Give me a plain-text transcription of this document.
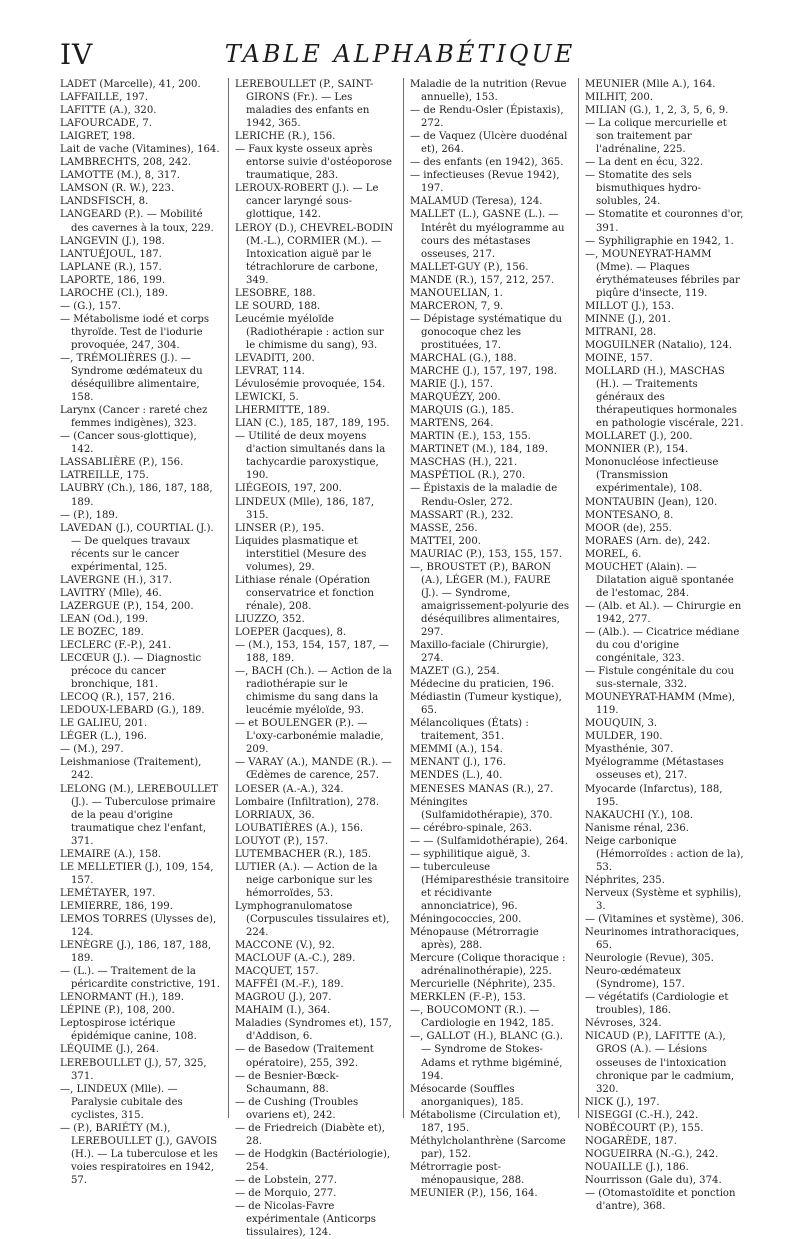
IV	TABLE ALPHABÉTIQUE

LADET (Marcelle), 41, 200.

LAFFAILLE, 197.

LAFITTE (A.), 320.

LAFOURCADE, 7.

LAIGRET, 198.

Lait de vache (Vitamines), 164.

LAMBRECHTS, 208, 242.

LAMOTTE (M.), 8, 317.

LAMSON (R. W.), 223.

LANDSFISCH, 8.

LANGEARD (P.). — Mobilité des cavernes à la toux, 229.

LANGEVIN (J.), 198.

LANTUÉJOUL, 187.

LAPLANE (R.), 157.

LAPORTE, 186, 199.

LAROCHE (Cl.), 189.

— (G.), 157.

— Métabolisme iodé et corps thyroïde. Test de l'iodurie provoquée, 247, 304.

—, TRÉMOLIÈRES (J.). — Syndrome œdémateux du déséquilibre alimentaire, 158.

Larynx (Cancer : rareté chez femmes indigènes), 323.

— (Cancer sous-glottique), 142.

LASSABLIÈRE (P.), 156.

LATREILLE, 175.

LAUBRY (Ch.), 186, 187, 188, 189.

— (P.), 189.

LAVEDAN (J.), COURTIAL (J.). — De quelques travaux récents sur le cancer expérimental, 125.

LAVERGNE (H.), 317.

LAVITRY (Mlle), 46.

LAZERGUE (P.), 154, 200.

LEAN (Od.), 199.

LE BOZEC, 189.

LECLERC (F.-P.), 241.

LECŒUR (J.). — Diagnostic précoce du cancer bronchique, 181.

LECOQ (R.), 157, 216.

LEDOUX-LEBARD (G.), 189.

LE GALIEU, 201.

LÉGER (L.), 196.

— (M.), 297.

Leishmaniose (Traitement), 242.

LELONG (M.), LEREBOULLET (J.). — Tuberculose primaire de la peau d'origine traumatique chez l'enfant, 371.

LEMAIRE (A.), 158.

LE MELLETIER (J.), 109, 154, 157.

LEMÉTAYER, 197.

LEMIERRE, 186, 199.

LEMOS TORRES (Ulysses de), 124.

LENÈGRE (J.), 186, 187, 188, 189.

— (L.). — Traitement de la péricardite constrictive, 191.

LENORMANT (H.), 189.

LÉPINE (P.), 108, 200.

Leptospirose ictérique épidémique canine, 108.

LÉQUIME (J.), 264.

LEREBOULLET (J.), 57, 325, 371.

—, LINDEUX (Mlle). — Paralysie cubitale des cyclistes, 315.

— (P.), BARIÉTY (M.), LEREBOULLET (J.), GAVOIS (H.). — La tuberculose et les voies respiratoires en 1942, 57.

LEREBOULLET (P., SAINT-GIRONS (Fr.). — Les maladies des enfants en 1942, 365.

LERICHE (R.), 156.

— Faux kyste osseux après entorse suivie d'ostéoporose traumatique, 283.

LEROUX-ROBERT (J.). — Le cancer laryngé sous-glottique, 142.

LEROY (D.), CHEVREL-BODIN (M.-L.), CORMIER (M.). — Intoxication aiguë par le tétrachlorure de carbone, 349.

LESOBRE, 188.

LE SOURD, 188.

Leucémie myéloïde (Radiothérapie : action sur le chimisme du sang), 93.

LEVADITI, 200.

LEVRAT, 114.

Lévulosémie provoquée, 154.

LEWICKI, 5.

LHERMITTE, 189.

LIAN (C.), 185, 187, 189, 195.

— Utilité de deux moyens d'action simultanés dans la tachycardie paroxystique, 190.

LIÉGEOIS, 197, 200.

LINDEUX (Mlle), 186, 187, 315.

LINSER (P.), 195.

Liquides plasmatique et interstitiel (Mesure des volumes), 29.

Lithiase rénale (Opération conservatrice et fonction rénale), 208.

LIUZZO, 352.

LOEPER (Jacques), 8.

— (M.), 153, 154, 157, 187, —188, 189.

—, BACH (Ch.). — Action de la radiothérapie sur le chimisme du sang dans la leucémie myéloïde, 93.

— et BOULENGER (P.). — L'oxy-carbonémie maladie, 209.

— VARAY (A.), MANDE (R.). — Œdèmes de carence, 257.

LOESER (A.-A.), 324.

Lombaire (Infiltration), 278.

LORRIAUX, 36.

LOUBATIÈRES (A.), 156.

LOUYOT (P.), 157.

LUTEMBACHER (R.), 185.

LUTIER (A.). — Action de la neige carbonique sur les hémorroïdes, 53.

Lymphogranulomatose (Corpuscules tissulaires et), 224.

MACCONE (V.), 92.

MACLOUF (A.-C.), 289.

MACQUET, 157.

MAFFÉI (M.-F.), 189.

MAGROU (J.), 207.

MAHAIM (I.), 364.

Maladies (Syndromes et), 157, d'Addison, 6.

— de Basedow (Traitement opératoire), 255, 392.

— de Besnier-Bœck-Schaumann, 88.

— de Cushing (Troubles ovariens et), 242.

— de Friedreich (Diabète et), 28.

— de Hodgkin (Bactériologie), 254.

— de Lobstein, 277.

— de Morquio, 277.

— de Nicolas-Favre expérimentale (Anticorps tissulaires), 124.

Maladie de la nutrition (Revue annuelle), 153.

— de Rendu-Osler (Épistaxis), 272.

— de Vaquez (Ulcère duodénal et), 264.

— des enfants (en 1942), 365.

— infectieuses (Revue 1942), 197.

MALAMUD (Teresa), 124.

MALLET (L.), GASNE (L.). — Intérêt du myélogramme au cours des métastases osseuses, 217.

MALLET-GUY (P.), 156.

MANDE (R.), 157, 212, 257.

MANOUELIAN, 1.

MARCERON, 7, 9.

— Dépistage systématique du gonocoque chez les prostituées, 17.

MARCHAL (G.), 188.

MARCHE (J.), 157, 197, 198.

MARIE (J.), 157.

MARQUÉZY, 200.

MARQUIS (G.), 185.

MARTENS, 264.

MARTIN (E.), 153, 155.

MARTINET (M.), 184, 189.

MASCHAS (H.), 221.

MASPÉTIOL (R.), 270.

— Épistaxis de la maladie de Rendu-Osler, 272.

MASSART (R.), 232.

MASSE, 256.

MATTEI, 200.

MAURIAC (P.), 153, 155, 157.

—, BROUSTET (P.), BARON (A.), LÉGER (M.), FAURE (J.). — Syndrome, amaigrissement-polyurie des déséquilibres alimentaires, 297.

Maxillo-faciale (Chirurgie), 274.

MAZET (G.), 254.

Médecine du praticien, 196.

Médiastin (Tumeur kystique), 65.

Mélancoliques (États) : traitement, 351.

MEMMI (A.), 154.

MENANT (J.), 176.

MENDES (L.), 40.

MENESES MANAS (R.), 27.

Méningites (Sulfamidothérapie), 370.

— cérébro-spinale, 263.

— — (Sulfamidothérapie), 264.

— syphilitique aiguë, 3.

— tuberculeuse (Hémiparesthésie transitoire et récidivante annonciatrice), 96.

Méningococcies, 200.

Ménopause (Métrorragie après), 288.

Mercure (Colique thoracique : adrénalinothérapie), 225.

Mercurielle (Néphrite), 235.

MERKLEN (F.-P.), 153.

—, BOUCOMONT (R.). — Cardiologie en 1942, 185.

—, GALLOT (H.), BLANC (G.). — Syndrome de Stokes-Adams et rythme bigéminé, 194.

Mésocarde (Souffles anorganiques), 185.

Métabolisme (Circulation et), 187, 195.

Méthylcholanthrène (Sarcome par), 152.

Métrorragie post-ménopausique, 288.

MEUNIER (P.), 156, 164.

MEUNIER (Mlle A.), 164.

MILHIT, 200.

MILIAN (G.), 1, 2, 3, 5, 6, 9.

— La colique mercurielle et son traitement par l'adrénaline, 225.

— La dent en écu, 322.

— Stomatite des sels bismuthiques hydro-solubles, 24.

— Stomatite et couronnes d'or, 391.

— Syphiligraphie en 1942, 1.

—, MOUNEYRAT-HAMM (Mme). — Plaques érythémateuses fébriles par piqûre d'insecte, 119.

MILLOT (J.), 153.

MINNE (J.), 201.

MITRANI, 28.

MOGUILNER (Natalio), 124.

MOINE, 157.

MOLLARD (H.), MASCHAS (H.). — Traitements généraux des thérapeutiques hormonales en pathologie viscérale, 221.

MOLLARET (J.), 200.

MONNIER (P.), 154.

Mononucléose infectieuse (Transmission expérimentale), 108.

MONTAUBIN (Jean), 120.

MONTESANO, 8.

MOOR (de), 255.

MORAES (Arn. de), 242.

MOREL, 6.

MOUCHET (Alain). — Dilatation aiguë spontanée de l'estomac, 284.

— (Alb. et Al.). — Chirurgie en 1942, 277.

— (Alb.). — Cicatrice médiane du cou d'origine congénitale, 323.

— Fistule congénitale du cou sus-sternale, 332.

MOUNEYRAT-HAMM (Mme), 119.

MOUQUIN, 3.

MULDER, 190.

Myasthénie, 307.

Myélogramme (Métastases osseuses et), 217.

Myocarde (Infarctus), 188, 195.

NAKAUCHI (Y.), 108.

Nanisme rénal, 236.

Neige carbonique (Hémorroïdes : action de la), 53.

Néphrites, 235.

Nerveux (Système et syphilis), 3.

— (Vitamines et système), 306.

Neurinomes intrathoraciques, 65.

Neurologie (Revue), 305.

Neuro-œdémateux (Syndrome), 157.

— végétatifs (Cardiologie et troubles), 186.

Névroses, 324.

NICAUD (P.), LAFITTE (A.), GROS (A.). — Lésions osseuses de l'intoxication chronique par le cadmium, 320.

NICK (J.), 197.

NISEGGI (C.-H.), 242.

NOBÉCOURT (P.), 155.

NOGARÈDE, 187.

NOGUEIRRA (N.-G.), 242.

NOUAILLE (J.), 186.

Nourrisson (Gale du), 374.

— (Otomastoïdite et ponction d'antre), 368.
